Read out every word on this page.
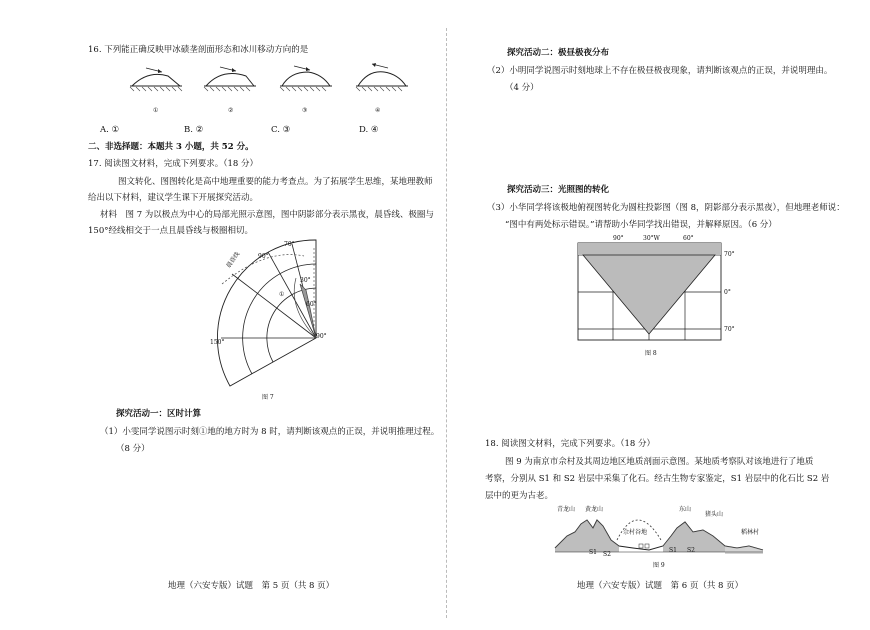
16. 下列能正确反映甲冰碛垄剖面形态和冰川移动方向的是
①	②	③	④
A. ①	B. ②	C. ③	D. ④
二、非选择题：本题共 3 小题，共 52 分。
17. 阅读图文材料，完成下列要求。（18 分）
图文转化、图图转化是高中地理重要的能力考查点。为了拓展学生思维，某地理教师
给出以下材料，建议学生课下开展探究活动。
材料　图 7 为以极点为中心的局部光照示意图，图中阴影部分表示黑夜，晨昏线、极圈与
150°经线相交于一点且晨昏线与极圈相切。
70°
90°
30°
60°
90°
150°
①
晨昏线
图 7
探究活动一：区时计算
（1）小雯同学说图示时刻①地的地方时为 8 时，请判断该观点的正误，并说明推理过程。
（8 分）
地理（六安专版）试题　第 5 页（共 8 页）
探究活动二：极昼极夜分布
（2）小明同学说图示时刻地球上不存在极昼极夜现象，请判断该观点的正误，并说明理由。
（4 分）
探究活动三：光照图的转化
（3）小华同学将该极地俯视图转化为圆柱投影图（图 8，阴影部分表示黑夜），但地理老师说：
“图中有两处标示错误。”请帮助小华同学找出错误，并解释原因。（6 分）
90°	30°W	60°
70°
0°
70°
图 8
18. 阅读图文材料，完成下列要求。（18 分）
图 9 为南京市佘村及其周边地区地质剖面示意图。某地质考察队对该地进行了地质
考察，分别从 S1 和 S2 岩层中采集了化石。经古生物专家鉴定，S1 岩层中的化石比 S2 岩
层中的更为古老。
青龙山 黄龙山
佘村谷地
东山
猪头山
稻林村
S1 S2
S1 S2
图 9
地理（六安专版）试题　第 6 页（共 8 页）
